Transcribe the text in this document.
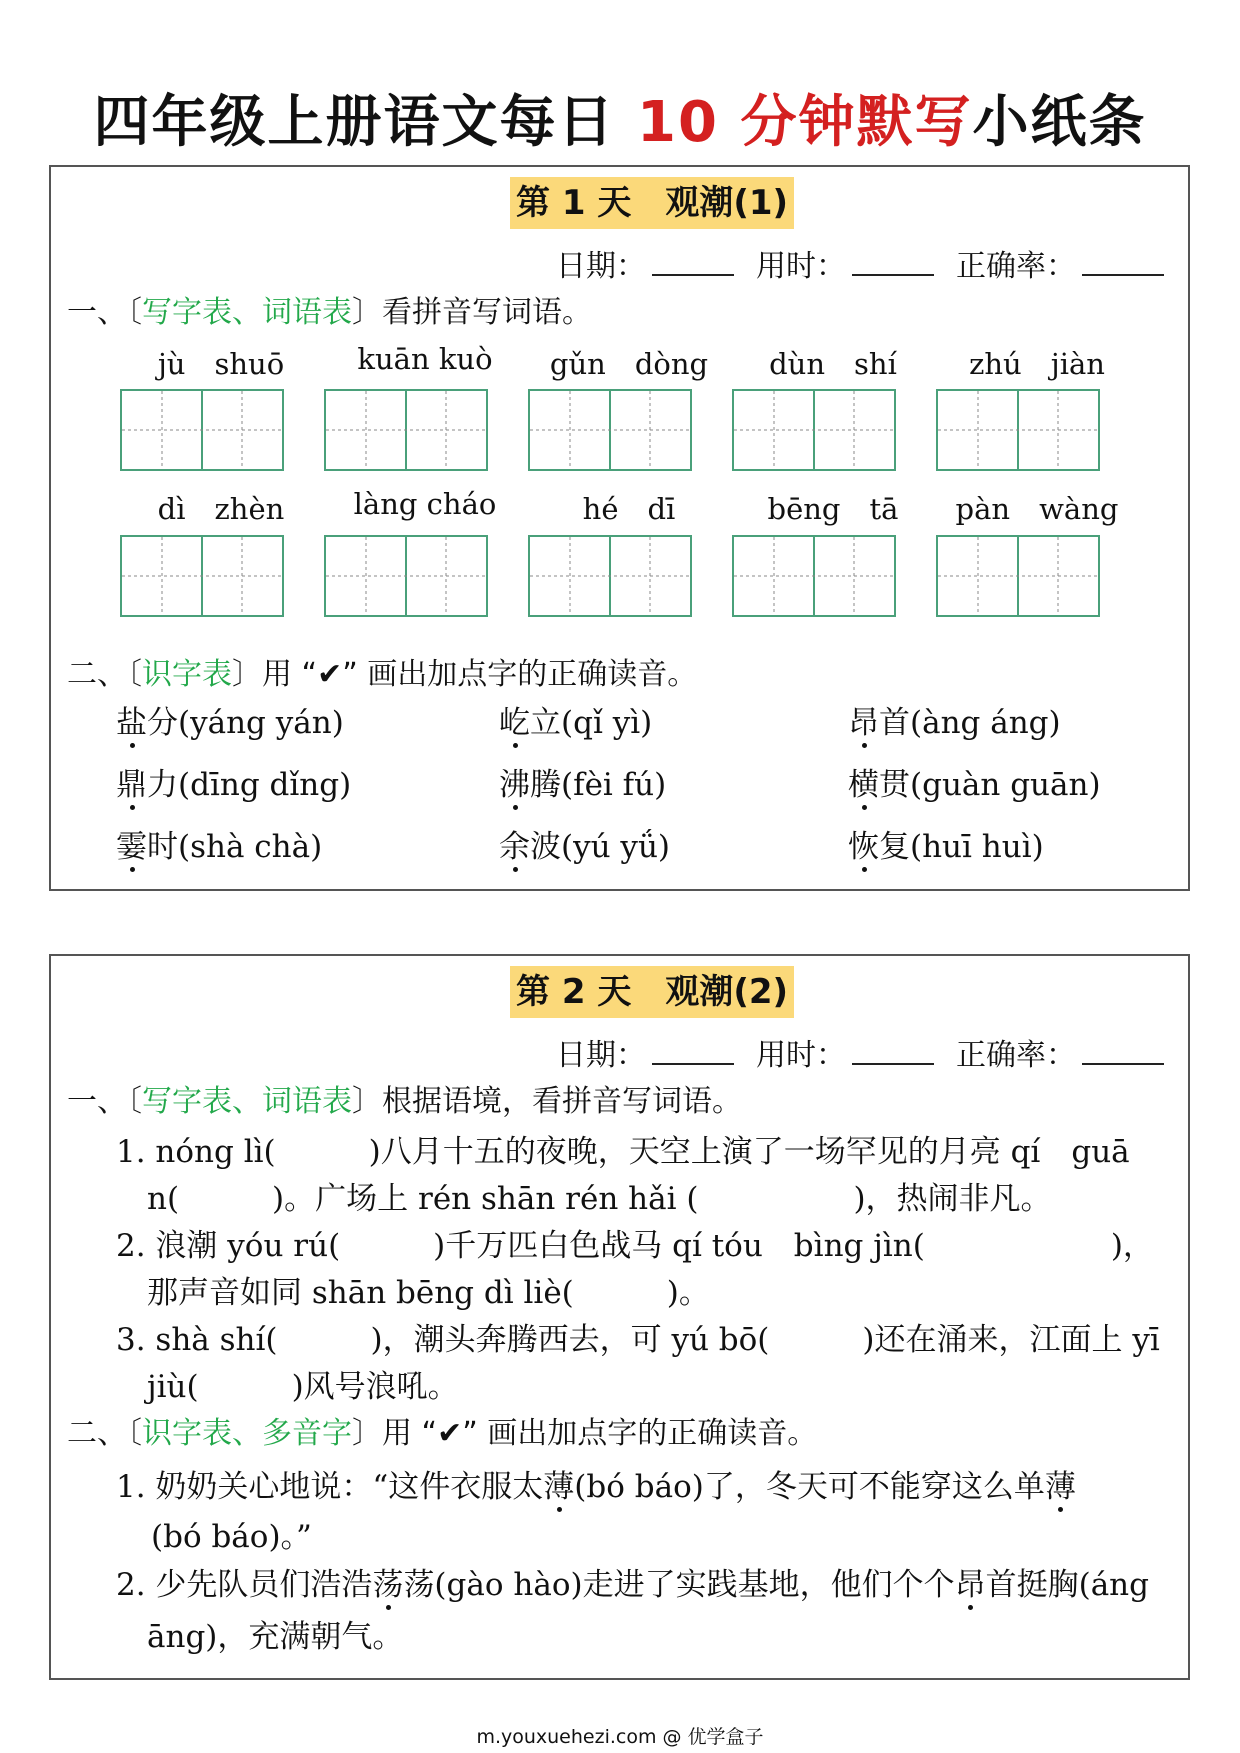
四年级上册语文每日 10 分钟默写小纸条
第 1 天　观潮(1)
日期：	用时：	正确率：
一、〔写字表、词语表〕看拼音写词语。
jù　shuō	kuān kuò	gǔn　dòng	dùn　shí	zhú　jiàn
dì　zhèn	làng cháo	hé　dī	bēng　tā	pàn　wàng
二、〔识字表〕用 “✔” 画出加点字的正确读音。
盐分(yáng yán)	屹立(qǐ yì)	昂首(àng áng)
鼎力(dīng dǐng)	沸腾(fèi fú)	横贯(guàn guān)
霎时(shà chà)	余波(yú yǘ)	恢复(huī huì)
第 2 天　观潮(2)
日期：	用时：	正确率：
一、〔写字表、词语表〕根据语境，看拼音写词语。
1. nóng lì(　　　)八月十五的夜晚，天空上演了一场罕见的月亮 qí　guā
　n(　　　)。广场上 rén shān rén hǎi (　　　　　)，热闹非凡。
2. 浪潮 yóu rú(　　　)千万匹白色战马 qí tóu　bìng jìn(　　　　　　)，
　那声音如同 shān bēng dì liè(　　　)。
3. shà shí(　　　)，潮头奔腾西去，可 yú bō(　　　)还在涌来，江面上 yī
　jiù(　　　)风号浪吼。
二、〔识字表、多音字〕用 “✔” 画出加点字的正确读音。
1. 奶奶关心地说：“这件衣服太薄(bó báo)了，冬天可不能穿这么单薄
(bó báo)。”
2. 少先队员们浩浩荡荡(gào hào)走进了实践基地，他们个个昂首挺胸(áng
　āng)，充满朝气。
m.youxuehezi.com @ 优学盒子
